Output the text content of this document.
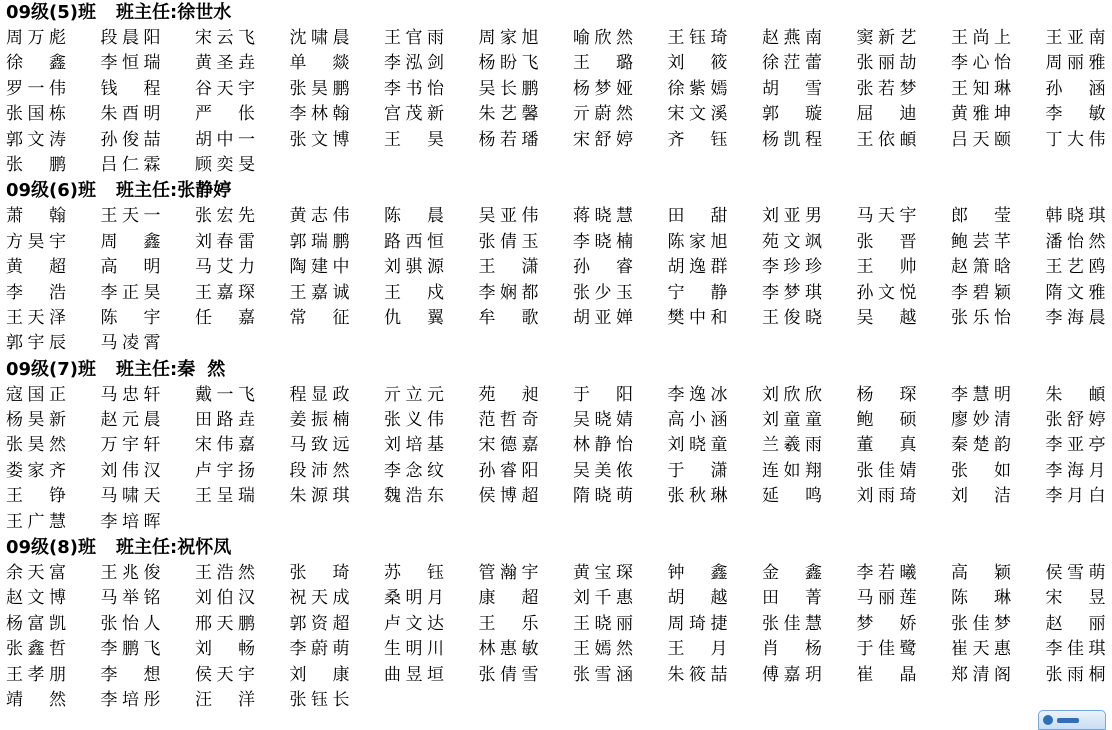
09级(5)班 班主任:徐世水
周万彪 段晨阳 宋云飞 沈啸晨 王官雨 周家旭 喻欣然 王钰琦 赵燕南 窦新艺 王尚上 王亚南
徐鑫 李恒瑞 黄圣垚 单燚 李泓剑 杨盼飞 王璐 刘筱 徐茳蕾 张丽劼 李心怡 周丽雅
罗一伟 钱程 谷天宇 张昊鹏 李书怡 吴长鹏 杨梦娅 徐紫嫣 胡雪 张若梦 王知琳 孙涵
张国栋 朱酉明 严伥 李林翰 宫茂新 朱艺馨 亓蔚然 宋文溪 郭璇 屈迪 黄雅坤 李敏
郭文涛 孙俊喆 胡中一 张文博 王昊 杨若璠 宋舒婷 齐钰 杨凯程 王依頔 吕天颐 丁大伟
张鹏 吕仁霖 顾奕旻
09级(6)班 班主任:张静婷
萧翰 王天一 张宏先 黄志伟 陈晨 吴亚伟 蒋晓慧 田甜 刘亚男 马天宇 郎莹 韩晓琪
方昊宇 周鑫 刘春雷 郭瑞鹏 路西恒 张倩玉 李晓楠 陈家旭 苑文飒 张晋 鲍芸芊 潘怡然
黄超 高明 马艾力 陶建中 刘骐源 王潇 孙睿 胡逸群 李珍珍 王帅 赵箫晗 王艺鸥
李浩 李正昊 王嘉琛 王嘉诚 王戍 李娴都 张少玉 宁静 李梦琪 孙文悦 李碧颖 隋文雅
王天泽 陈宇 任嘉 常征 仇翼 牟歌 胡亚婵 樊中和 王俊晓 吴越 张乐怡 李海晨
郭宇辰 马凌霄
09级(7)班 班主任:秦然
寇国正 马忠轩 戴一飞 程显政 亓立元 苑昶 于阳 李逸冰 刘欣欣 杨琛 李慧明 朱頔
杨昊新 赵元晨 田路垚 姜振楠 张义伟 范哲奇 吴晓婧 高小涵 刘童童 鲍硕 廖妙清 张舒婷
张昊然 万宇轩 宋伟嘉 马致远 刘培基 宋德嘉 林静怡 刘晓童 兰羲雨 董真 秦楚韵 李亚亭
娄家齐 刘伟汉 卢宇扬 段沛然 李念纹 孙睿阳 吴美侬 于潇 连如翔 张佳婧 张如 李海月
王铮 马啸天 王呈瑞 朱源琪 魏浩东 侯博超 隋晓萌 张秋琳 延鸣 刘雨琦 刘洁 李月白
王广慧 李培晖
09级(8)班 班主任:祝怀凤
余天富 王兆俊 王浩然 张琦 苏钰 管瀚宇 黄宝琛 钟鑫 金鑫 李若曦 高颖 侯雪萌
赵文博 马举铭 刘伯汉 祝天成 桑明月 康超 刘千惠 胡越 田菁 马丽莲 陈琳 宋昱
杨富凯 张怡人 邢天鹏 郭资超 卢文达 王乐 王晓丽 周琦捷 张佳慧 梦娇 张佳梦 赵丽
张鑫哲 李鹏飞 刘畅 李蔚萌 生明川 林惠敏 王嫣然 王月 肖杨 于佳鹭 崔天惠 李佳琪
王孝朋 李想 侯天宇 刘康 曲昱垣 张倩雪 张雪涵 朱筱喆 傅嘉玥 崔晶 郑清阁 张雨桐
靖然 李培彤 汪洋 张钰长
